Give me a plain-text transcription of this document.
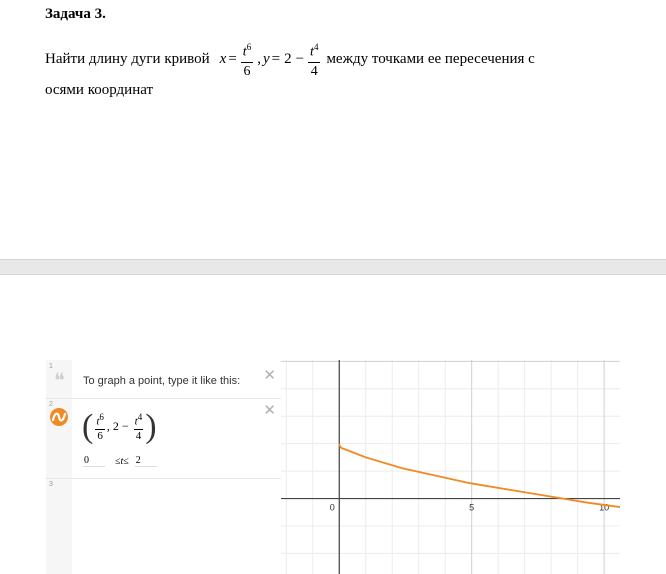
Задача 3.
Найти длину дуги кривой $x = \frac{t^6}{6}$ , $y = 2 - \frac{t^4}{4}$ между точками ее пересечения с
осями координат
1
❝ To graph a point, type it like this: ✕
2
( $\frac{t^6}{6}$ , $2 - \frac{t^4}{4}$ )
0	≤t≤ 2
✕
3
0	5	10
